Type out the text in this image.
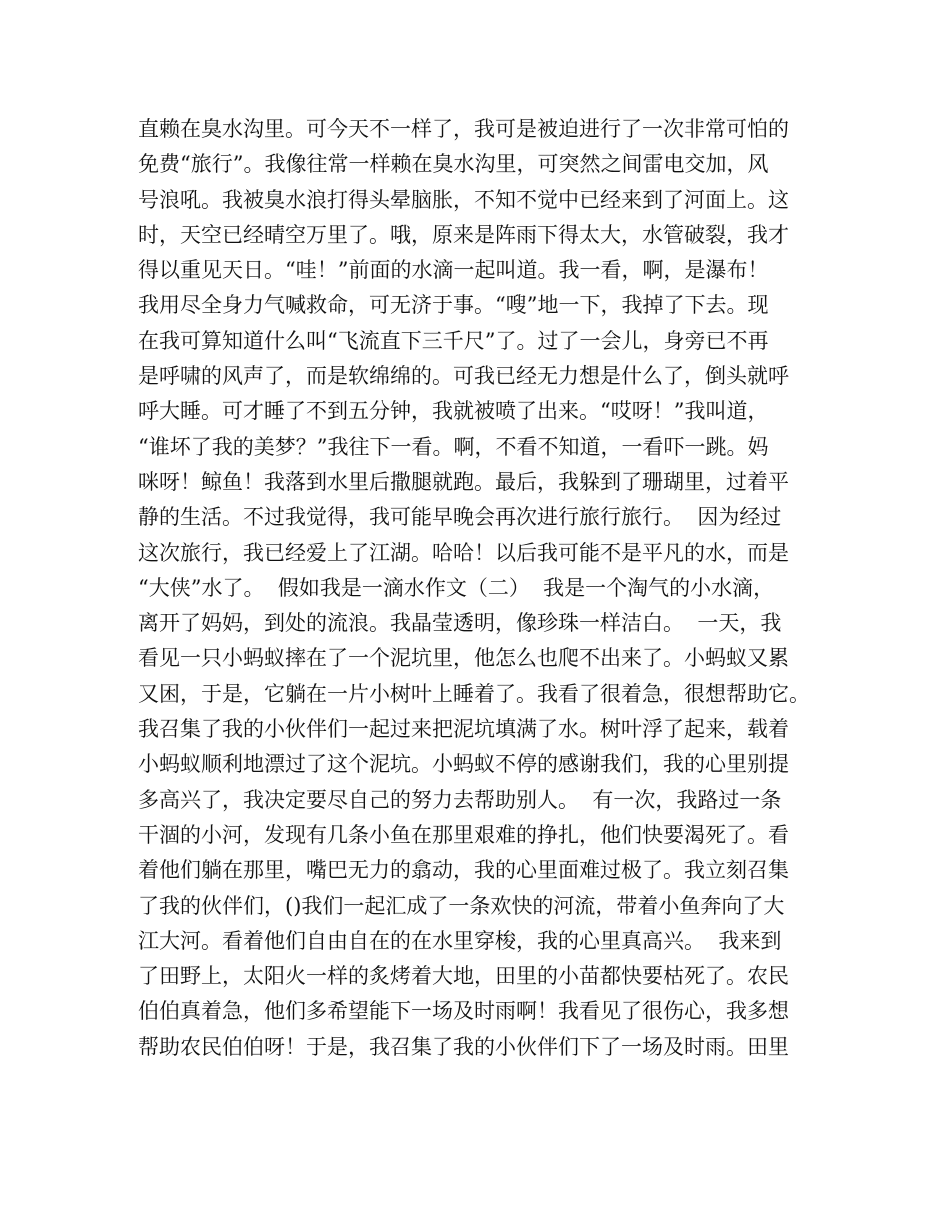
直赖在臭水沟里。可今天不一样了，我可是被迫进行了一次非常可怕的
免费“旅行”。我像往常一样赖在臭水沟里，可突然之间雷电交加，风
号浪吼。我被臭水浪打得头晕脑胀，不知不觉中已经来到了河面上。这
时，天空已经晴空万里了。哦，原来是阵雨下得太大，水管破裂，我才
得以重见天日。“哇！”前面的水滴一起叫道。我一看，啊，是瀑布！
我用尽全身力气喊救命，可无济于事。“嗖”地一下，我掉了下去。现
在我可算知道什么叫“飞流直下三千尺”了。过了一会儿，身旁已不再
是呼啸的风声了，而是软绵绵的。可我已经无力想是什么了，倒头就呼
呼大睡。可才睡了不到五分钟，我就被喷了出来。“哎呀！”我叫道，
“谁坏了我的美梦？”我往下一看。啊，不看不知道，一看吓一跳。妈
咪呀！鲸鱼！我落到水里后撒腿就跑。最后，我躲到了珊瑚里，过着平
静的生活。不过我觉得，我可能早晚会再次进行旅行旅行。  因为经过
这次旅行，我已经爱上了江湖。哈哈！以后我可能不是平凡的水，而是
“大侠”水了。  假如我是一滴水作文（二）  我是一个淘气的小水滴，
离开了妈妈，到处的流浪。我晶莹透明，像珍珠一样洁白。  一天，我
看见一只小蚂蚁摔在了一个泥坑里，他怎么也爬不出来了。小蚂蚁又累
又困，于是，它躺在一片小树叶上睡着了。我看了很着急，很想帮助它。
我召集了我的小伙伴们一起过来把泥坑填满了水。树叶浮了起来，载着
小蚂蚁顺利地漂过了这个泥坑。小蚂蚁不停的感谢我们，我的心里别提
多高兴了，我决定要尽自己的努力去帮助别人。  有一次，我路过一条
干涸的小河，发现有几条小鱼在那里艰难的挣扎，他们快要渴死了。看
着他们躺在那里，嘴巴无力的翕动，我的心里面难过极了。我立刻召集
了我的伙伴们，()我们一起汇成了一条欢快的河流，带着小鱼奔向了大
江大河。看着他们自由自在的在水里穿梭，我的心里真高兴。  我来到
了田野上，太阳火一样的炙烤着大地，田里的小苗都快要枯死了。农民
伯伯真着急，他们多希望能下一场及时雨啊！我看见了很伤心，我多想
帮助农民伯伯呀！于是，我召集了我的小伙伴们下了一场及时雨。田里
